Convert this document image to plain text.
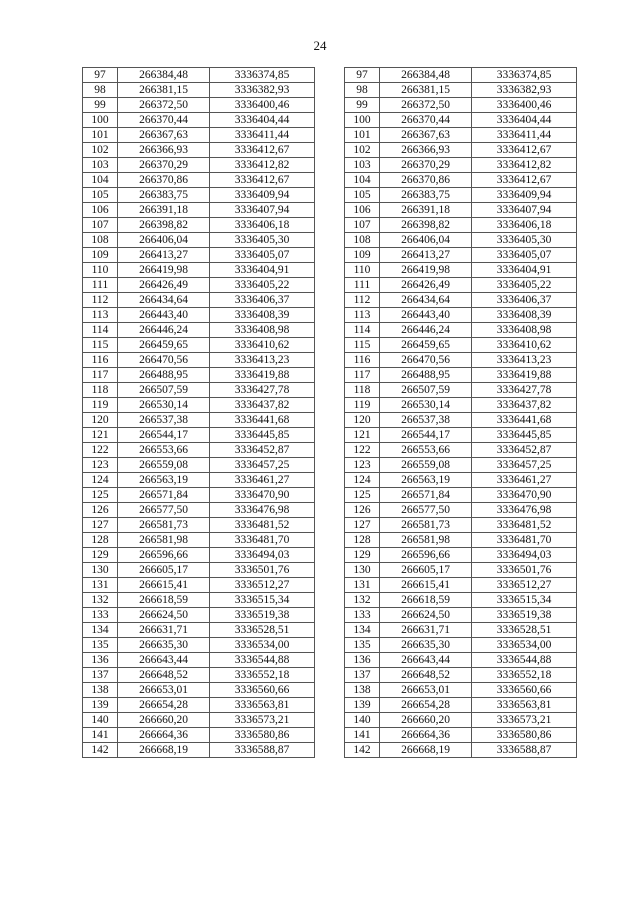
24
97	266384,48	3336374,85
98	266381,15	3336382,93
99	266372,50	3336400,46
100	266370,44	3336404,44
101	266367,63	3336411,44
102	266366,93	3336412,67
103	266370,29	3336412,82
104	266370,86	3336412,67
105	266383,75	3336409,94
106	266391,18	3336407,94
107	266398,82	3336406,18
108	266406,04	3336405,30
109	266413,27	3336405,07
110	266419,98	3336404,91
111	266426,49	3336405,22
112	266434,64	3336406,37
113	266443,40	3336408,39
114	266446,24	3336408,98
115	266459,65	3336410,62
116	266470,56	3336413,23
117	266488,95	3336419,88
118	266507,59	3336427,78
119	266530,14	3336437,82
120	266537,38	3336441,68
121	266544,17	3336445,85
122	266553,66	3336452,87
123	266559,08	3336457,25
124	266563,19	3336461,27
125	266571,84	3336470,90
126	266577,50	3336476,98
127	266581,73	3336481,52
128	266581,98	3336481,70
129	266596,66	3336494,03
130	266605,17	3336501,76
131	266615,41	3336512,27
132	266618,59	3336515,34
133	266624,50	3336519,38
134	266631,71	3336528,51
135	266635,30	3336534,00
136	266643,44	3336544,88
137	266648,52	3336552,18
138	266653,01	3336560,66
139	266654,28	3336563,81
140	266660,20	3336573,21
141	266664,36	3336580,86
142	266668,19	3336588,87
97	266384,48	3336374,85
98	266381,15	3336382,93
99	266372,50	3336400,46
100	266370,44	3336404,44
101	266367,63	3336411,44
102	266366,93	3336412,67
103	266370,29	3336412,82
104	266370,86	3336412,67
105	266383,75	3336409,94
106	266391,18	3336407,94
107	266398,82	3336406,18
108	266406,04	3336405,30
109	266413,27	3336405,07
110	266419,98	3336404,91
111	266426,49	3336405,22
112	266434,64	3336406,37
113	266443,40	3336408,39
114	266446,24	3336408,98
115	266459,65	3336410,62
116	266470,56	3336413,23
117	266488,95	3336419,88
118	266507,59	3336427,78
119	266530,14	3336437,82
120	266537,38	3336441,68
121	266544,17	3336445,85
122	266553,66	3336452,87
123	266559,08	3336457,25
124	266563,19	3336461,27
125	266571,84	3336470,90
126	266577,50	3336476,98
127	266581,73	3336481,52
128	266581,98	3336481,70
129	266596,66	3336494,03
130	266605,17	3336501,76
131	266615,41	3336512,27
132	266618,59	3336515,34
133	266624,50	3336519,38
134	266631,71	3336528,51
135	266635,30	3336534,00
136	266643,44	3336544,88
137	266648,52	3336552,18
138	266653,01	3336560,66
139	266654,28	3336563,81
140	266660,20	3336573,21
141	266664,36	3336580,86
142	266668,19	3336588,87
